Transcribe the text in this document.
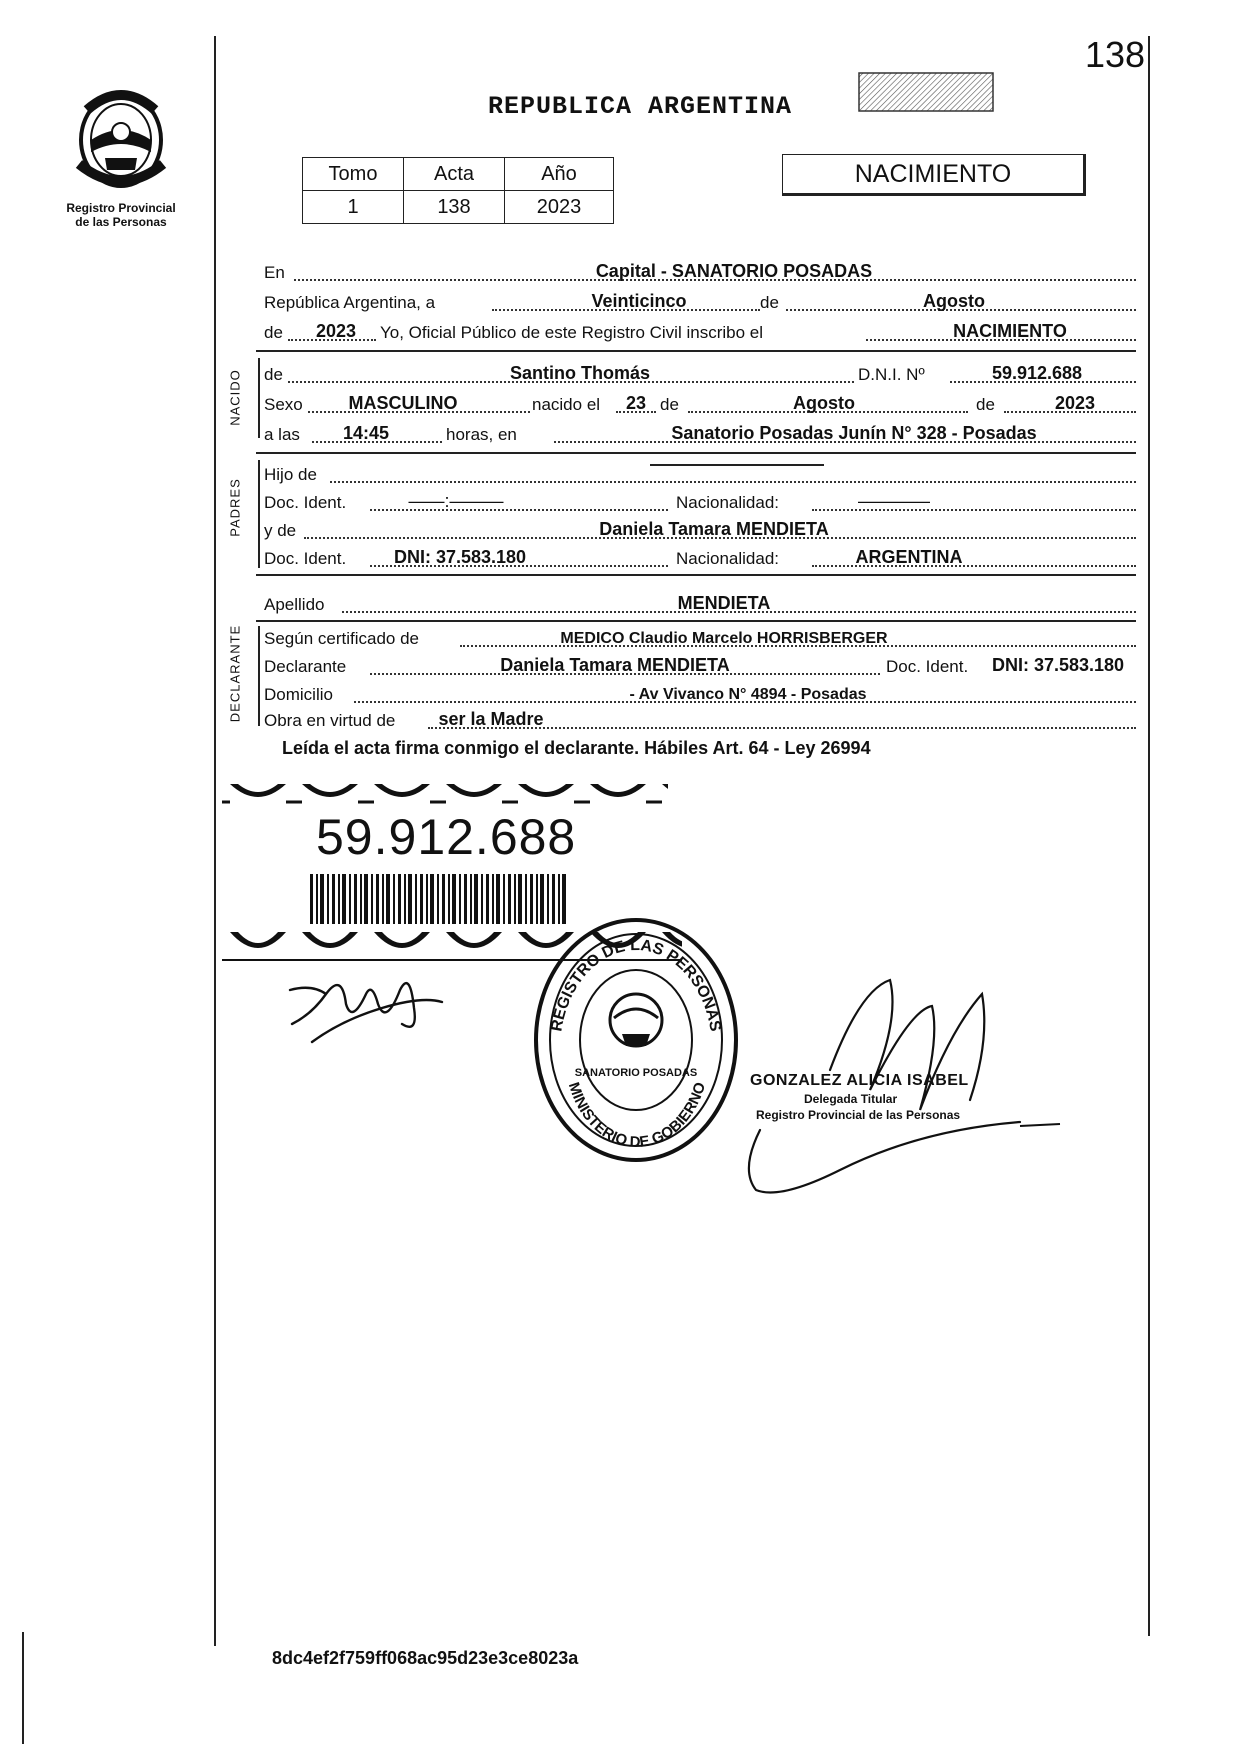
Registro Provincial
de las Personas
138
REPUBLICA ARGENTINA
Tomo	Acta	Año
1	138	2023
NACIMIENTO
En	Capital - SANATORIO POSADAS
República Argentina, a	Veinticinco	de	Agosto
de	2023	Yo, Oficial Público de este Registro Civil inscribo el	NACIMIENTO
NACIDO de	Santino Thomás	D.N.I. Nº	59.912.688
Sexo	MASCULINO	nacido el	23 de	Agosto	de	2023
a las	14:45	horas, en	Sanatorio Posadas Junín N° 328 - Posadas
PADRES
Hijo de
Doc. Ident.	——:———	Nacionalidad:	————
y de	Daniela Tamara MENDIETA
Doc. Ident.	DNI: 37.583.180	Nacionalidad:	ARGENTINA
Apellido	MENDIETA
DECLARANTE Según certificado de	MEDICO Claudio Marcelo HORRISBERGER
Declarante	Daniela Tamara MENDIETA	Doc. Ident.	DNI: 37.583.180
Domicilio	- Av Vivanco N° 4894 - Posadas
Obra en virtud de ser la Madre
Leída el acta firma conmigo el declarante. Hábiles Art. 64 - Ley 26994
59.912.688
REGISTRO DE LAS PERSONAS
MINISTERIO DE GOBIERNO
SANATORIO POSADAS	GONZALEZ ALICIA ISABEL
Delegada Titular
Registro Provincial de las Personas
8dc4ef2f759ff068ac95d23e3ce8023a
